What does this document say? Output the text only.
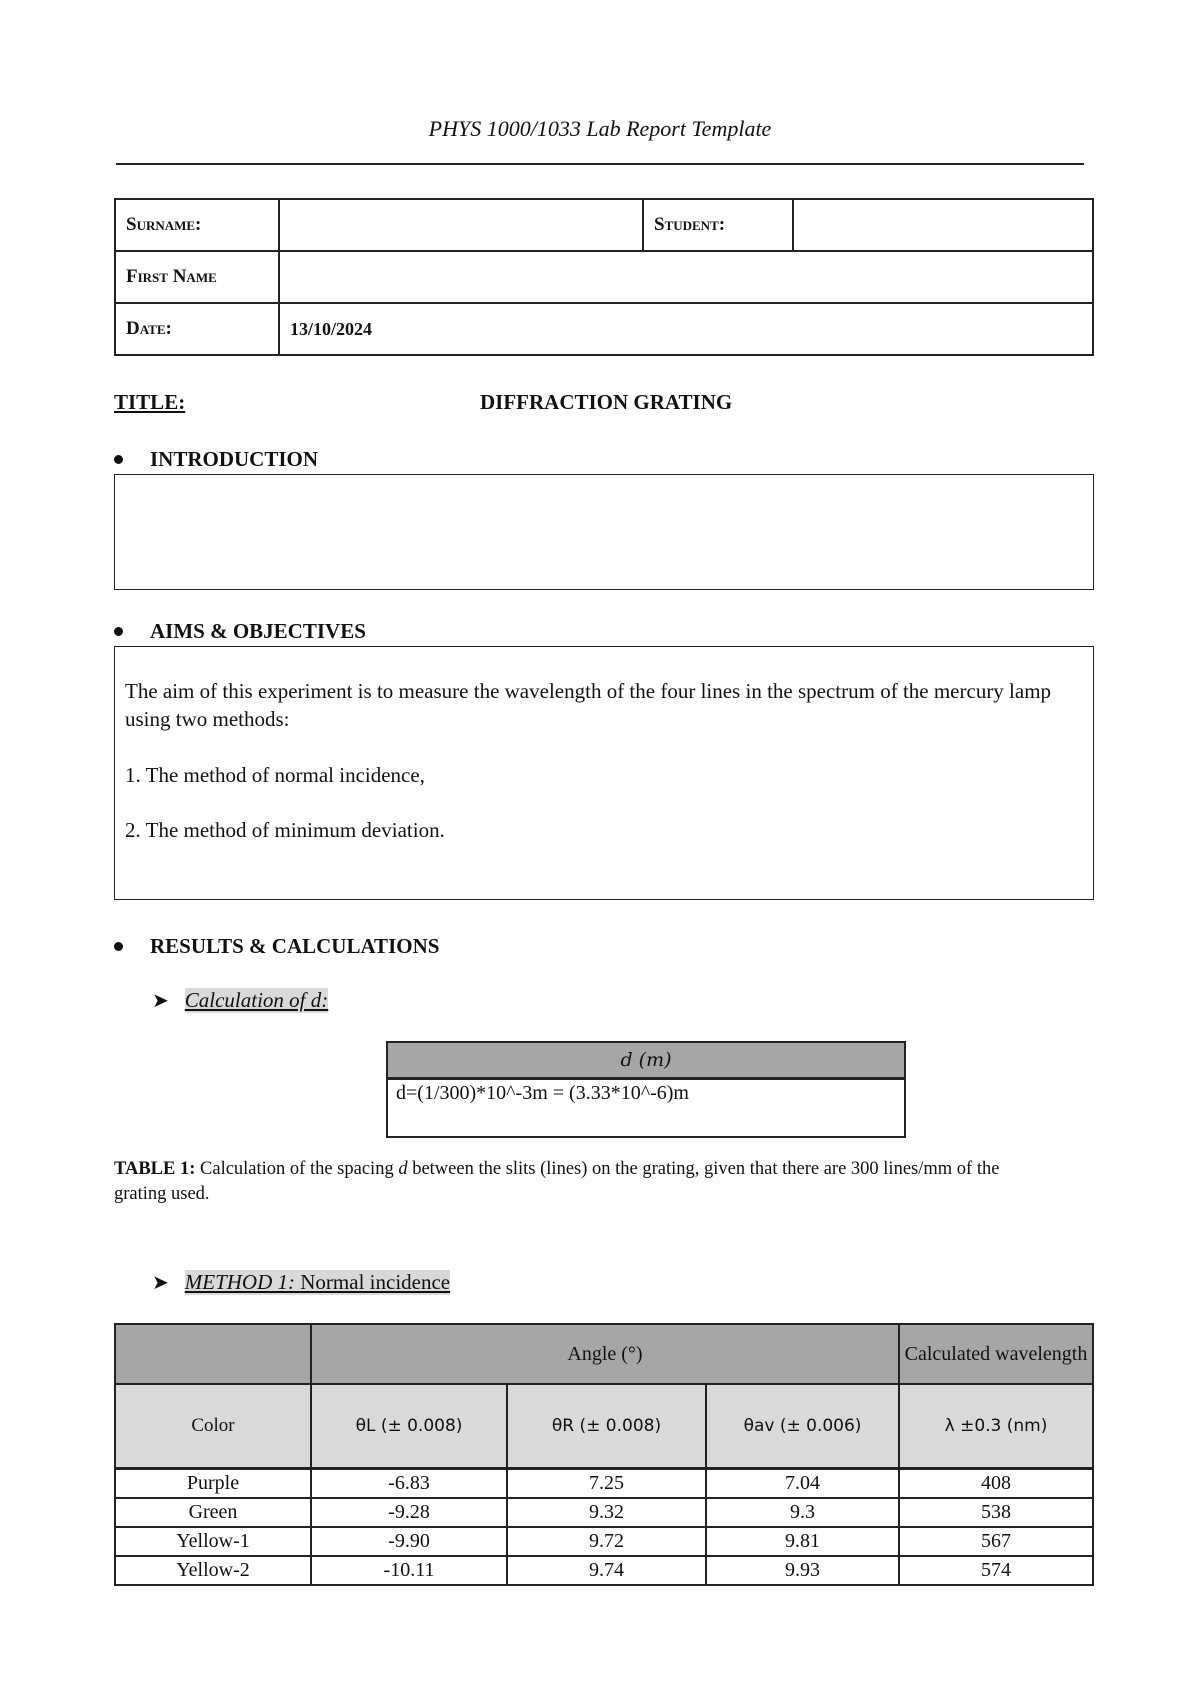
PHYS 1000/1033 Lab Report Template
Surname:		Student:	
First Name			
Date:	13/10/2024		
TITLE:	DIFFRACTION GRATING
INTRODUCTION
AIMS & OBJECTIVES

The aim of this experiment is to measure the wavelength of the four lines in the spectrum of the mercury lamp using two methods:

1. The method of normal incidence,

2. The method of minimum deviation.

RESULTS & CALCULATIONS
➤ Calculation of d:
d (m)
d=(1/300)*10^-3m = (3.33*10^-6)m
TABLE 1: Calculation of the spacing d between the slits (lines) on the grating, given that there are 300 lines/mm of the grating used.
➤ METHOD 1: Normal incidence
	Angle (°)			Calculated wavelength
Color	θL (± 0.008)	θR (± 0.008)	θav (± 0.006)	λ ±0.3 (nm)
Purple	-6.83	7.25	7.04	408
Green	-9.28	9.32	9.3	538
Yellow-1	-9.90	9.72	9.81	567
Yellow-2	-10.11	9.74	9.93	574
